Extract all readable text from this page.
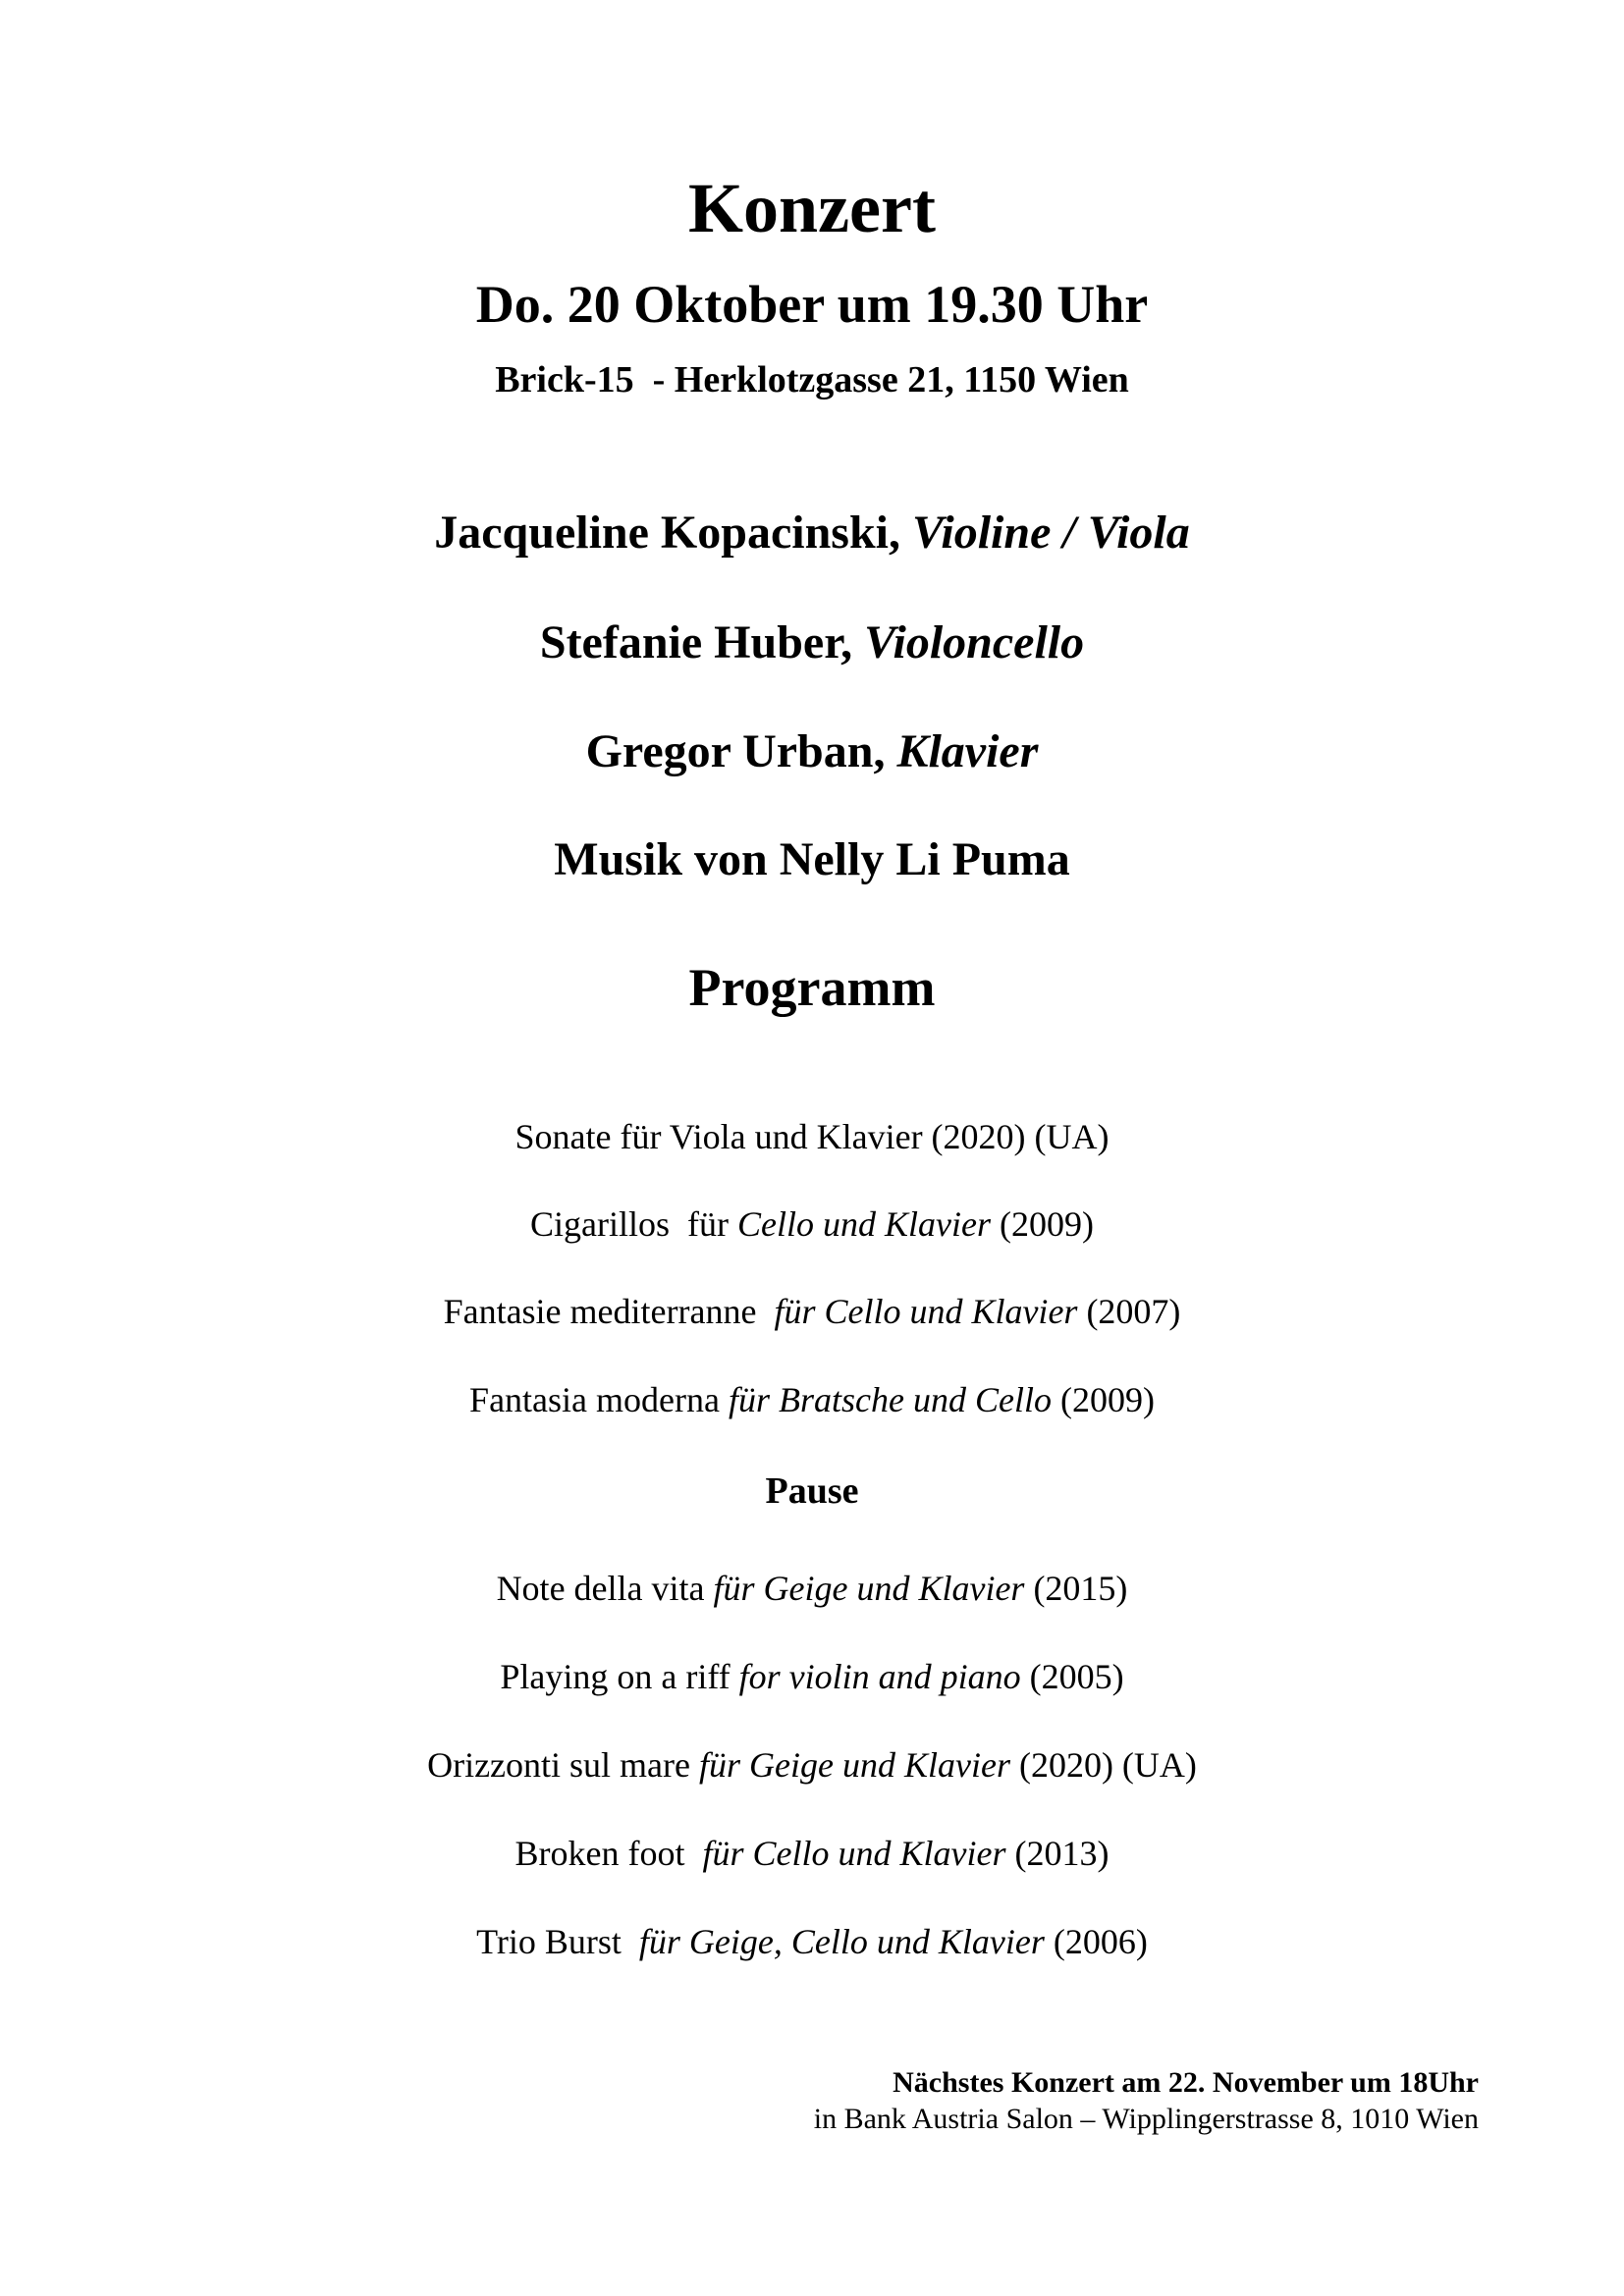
Konzert
Do. 20 Oktober um 19.30 Uhr
Brick-15  - Herklotzgasse 21, 1150 Wien
Jacqueline Kopacinski, Violine / Viola
Stefanie Huber, Violoncello
Gregor Urban, Klavier
Musik von Nelly Li Puma
Programm
Sonate für Viola und Klavier (2020) (UA)
Cigarillos  für Cello und Klavier (2009)
Fantasie mediterranne  für Cello und Klavier (2007)
Fantasia moderna für Bratsche und Cello (2009)
Pause
Note della vita für Geige und Klavier (2015)
Playing on a riff for violin and piano (2005)
Orizzonti sul mare für Geige und Klavier (2020) (UA)
Broken foot  für Cello und Klavier (2013)
Trio Burst  für Geige, Cello und Klavier (2006)
Nächstes Konzert am 22. November um 18Uhr
in Bank Austria Salon – Wipplingerstrasse 8, 1010 Wien
